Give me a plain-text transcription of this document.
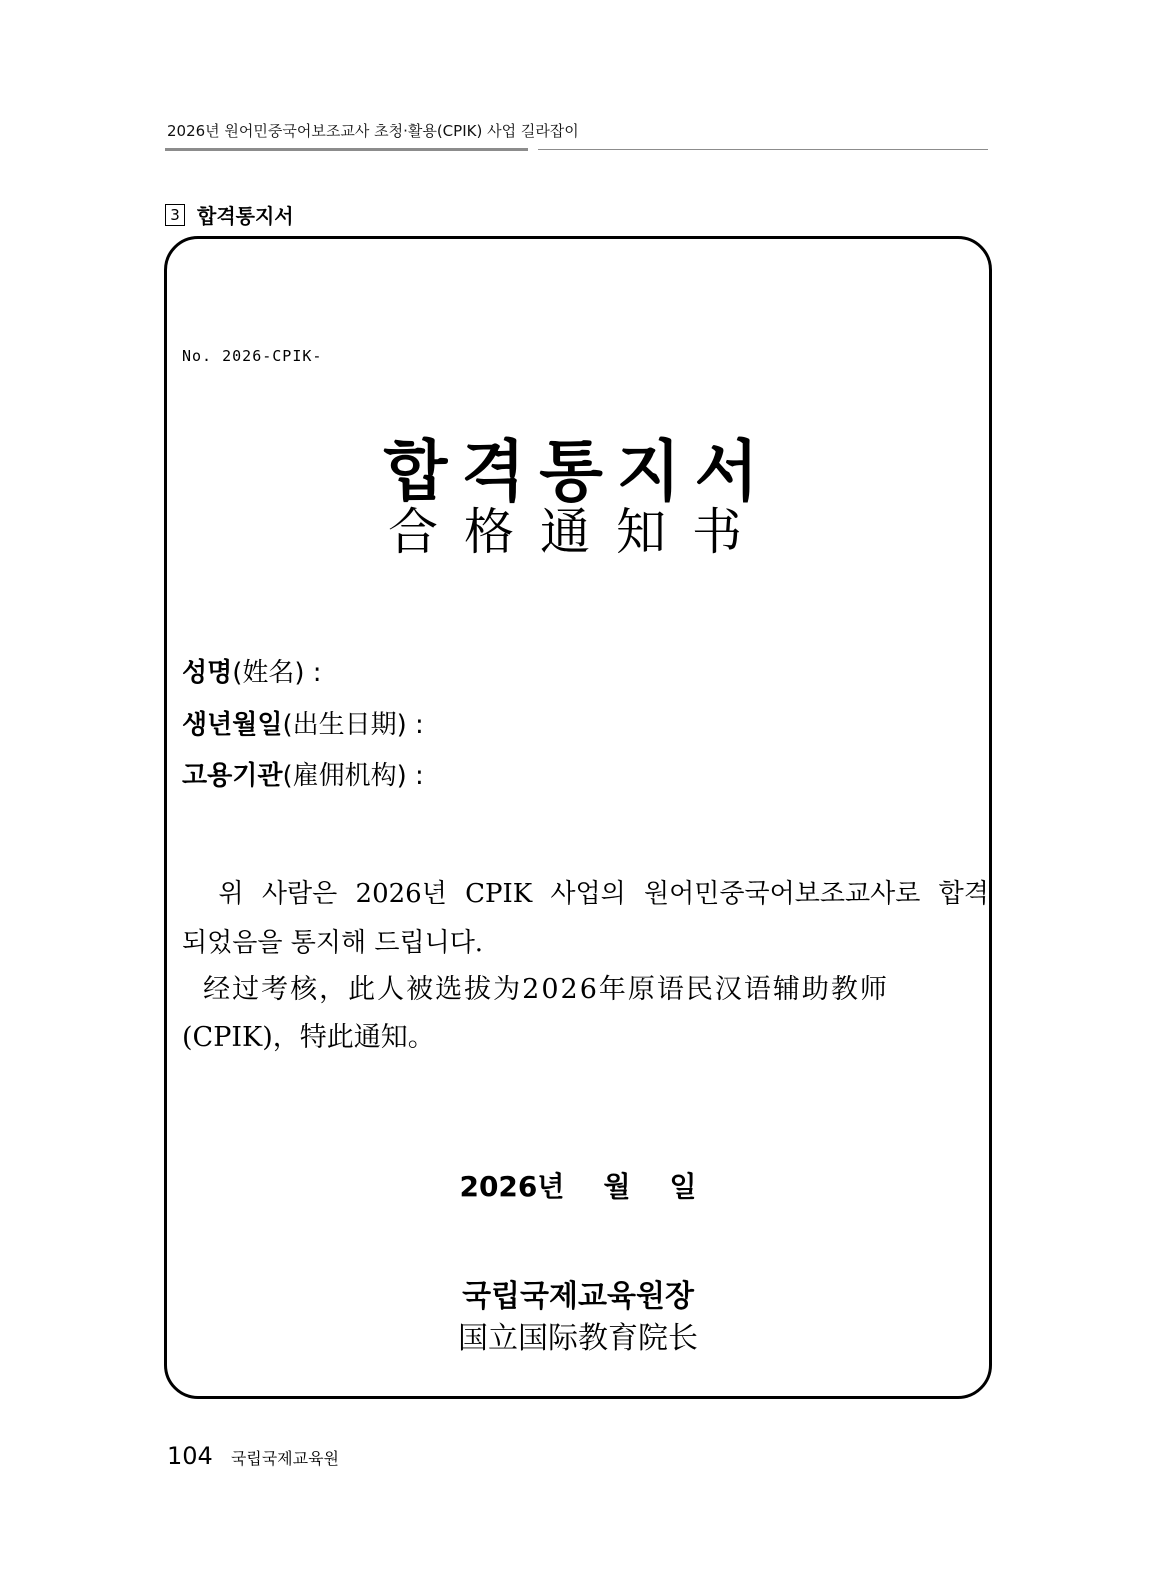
2026년 원어민중국어보조교사 초청·활용(CPIK) 사업 길라잡이
3 합격통지서
No. 2026-CPIK-
합격통지서
合格通知书
성명(姓名) :
생년월일(出生日期) :
고용기관(雇佣机构) :
위 사람은 2026년 CPIK 사업의 원어민중국어보조교사로 합격
되었음을 통지해 드립니다.
经过考核，此人被选拔为2026年原语民汉语辅助教师
(CPIK)，特此通知。
2026년    월    일
국립국제교육원장
国立国际教育院长
104 국립국제교육원
